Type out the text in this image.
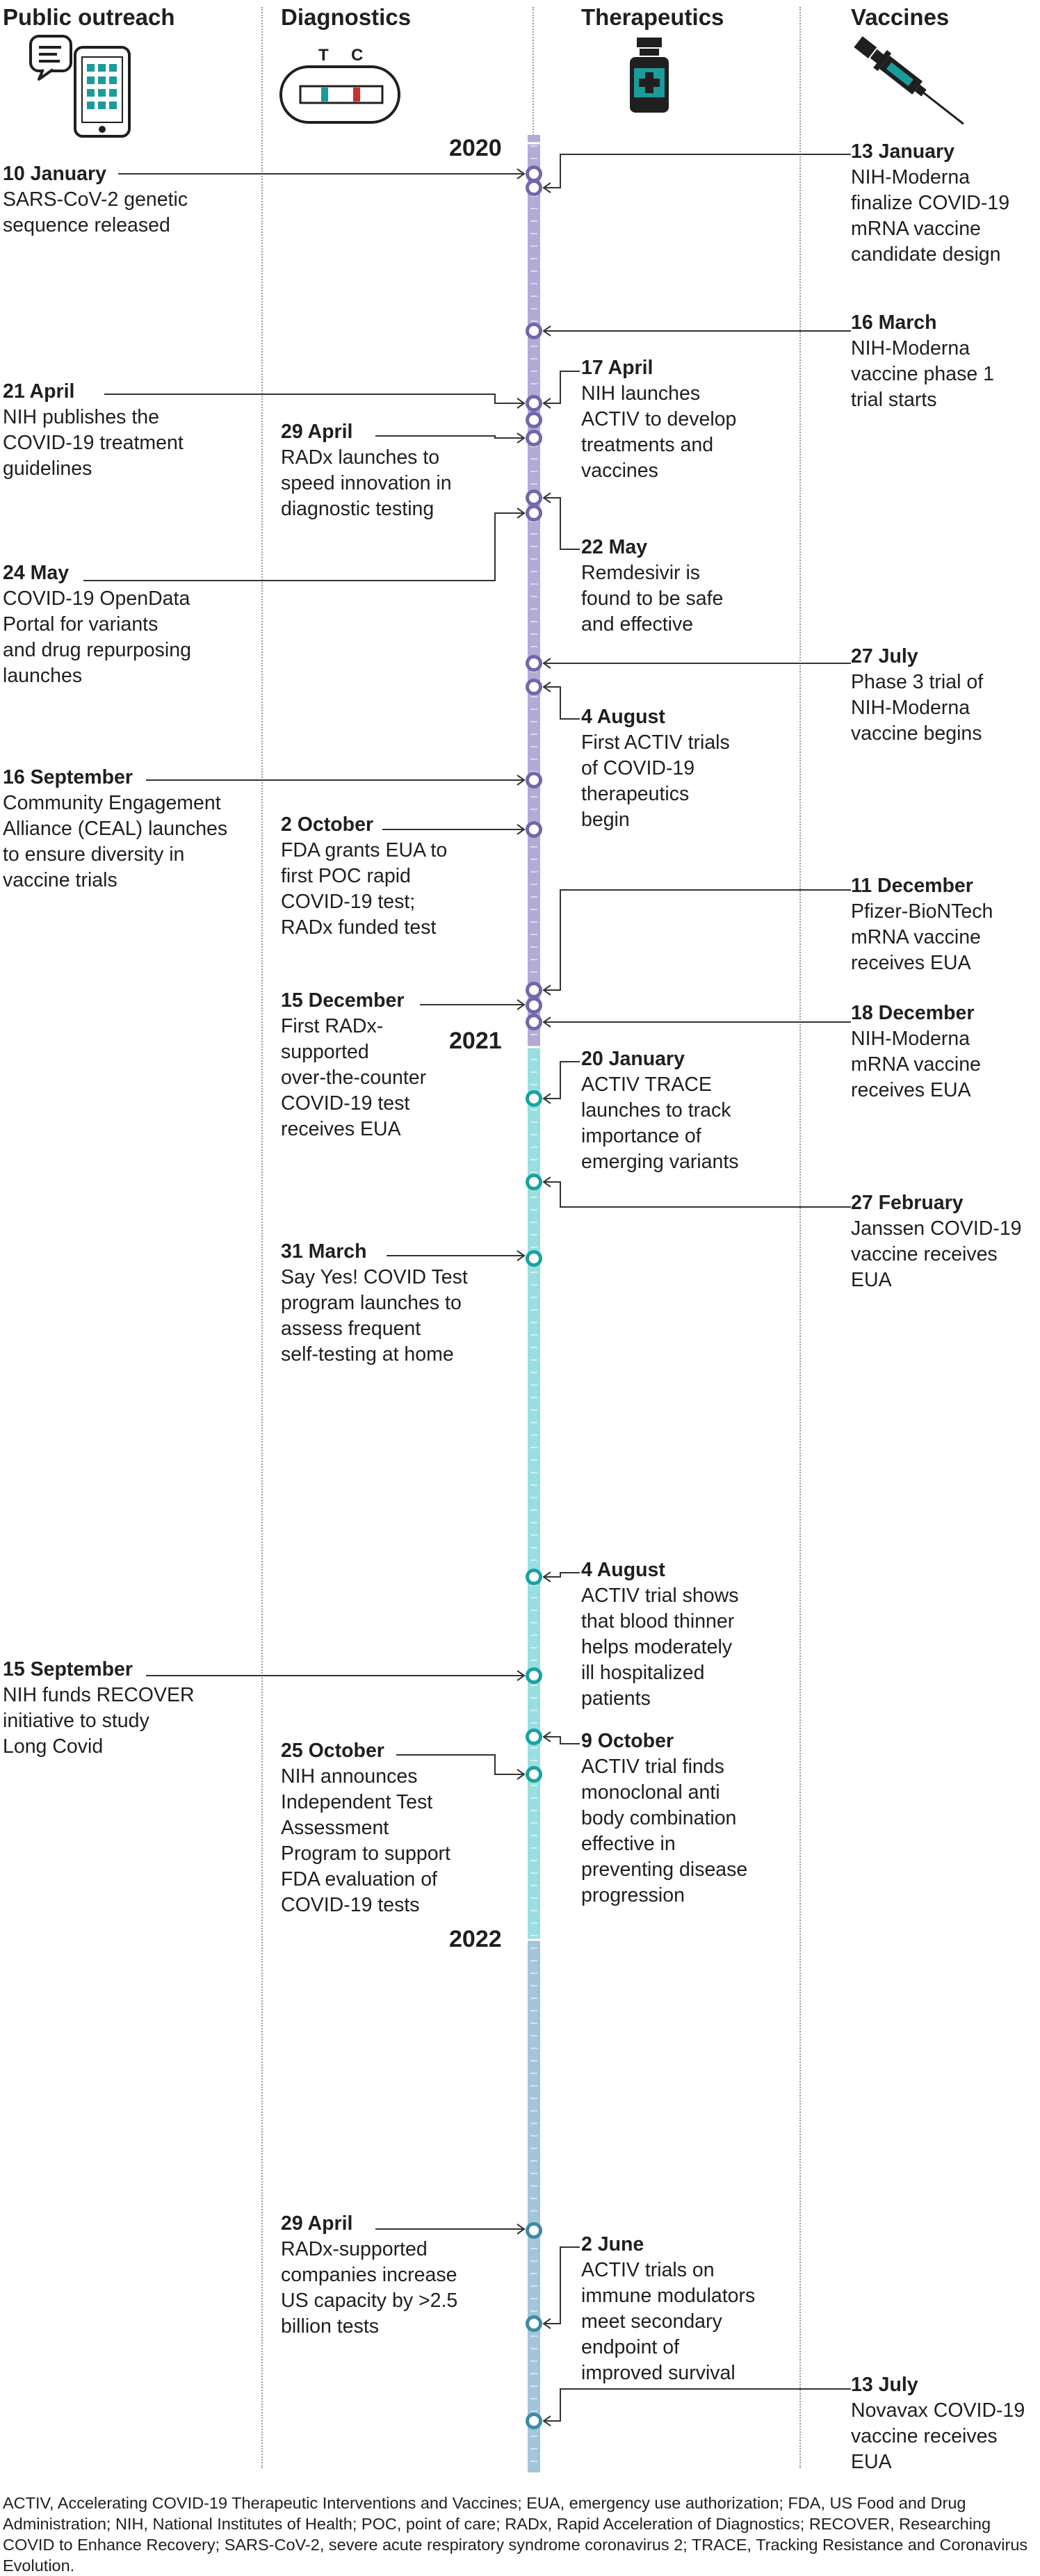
Public outreach	Diagnostics	Therapeutics	Vaccines
2020
2021
2022
T C
10 January
SARS-CoV-2 genetic
sequence released
21 April
NIH publishes the
COVID-19 treatment
guidelines
24 May
COVID-19 OpenData
Portal for variants
and drug repurposing
launches
16 September
Community Engagement
Alliance (CEAL) launches
to ensure diversity in
vaccine trials
15 September
NIH funds RECOVER
initiative to study
Long Covid
29 April
RADx launches to
speed innovation in
diagnostic testing
2 October
FDA grants EUA to
first POC rapid
COVID-19 test;
RADx funded test
15 December
First RADx-
supported
over-the-counter
COVID-19 test
receives EUA
31 March
Say Yes! COVID Test
program launches to
assess frequent
self-testing at home
25 October
NIH announces
Independent Test
Assessment
Program to support
FDA evaluation of
COVID-19 tests
29 April
RADx-supported
companies increase
US capacity by >2.5
billion tests
17 April
NIH launches
ACTIV to develop
treatments and
vaccines
22 May
Remdesivir is
found to be safe
and effective
4 August
First ACTIV trials
of COVID-19
therapeutics
begin
20 January
ACTIV TRACE
launches to track
importance of
emerging variants
4 August
ACTIV trial shows
that blood thinner
helps moderately
ill hospitalized
patients
9 October
ACTIV trial finds
monoclonal anti
body combination
effective in
preventing disease
progression
2 June
ACTIV trials on
immune modulators
meet secondary
endpoint of
improved survival
13 January
NIH-Moderna
finalize COVID-19
mRNA vaccine
candidate design
16 March
NIH-Moderna
vaccine phase 1
trial starts
27 July
Phase 3 trial of
NIH-Moderna
vaccine begins
11 December
Pfizer-BioNTech
mRNA vaccine
receives EUA
18 December
NIH-Moderna
mRNA vaccine
receives EUA
27 February
Janssen COVID-19
vaccine receives
EUA
13 July
Novavax COVID-19
vaccine receives
EUA
ACTIV, Accelerating COVID-19 Therapeutic Interventions and Vaccines; EUA, emergency use authorization; FDA, US Food and Drug Administration; NIH, National Institutes of Health; POC, point of care; RADx, Rapid Acceleration of Diagnostics; RECOVER, Researching COVID to Enhance Recovery; SARS-CoV-2, severe acute respiratory syndrome coronavirus 2; TRACE, Tracking Resistance and Coronavirus Evolution.
